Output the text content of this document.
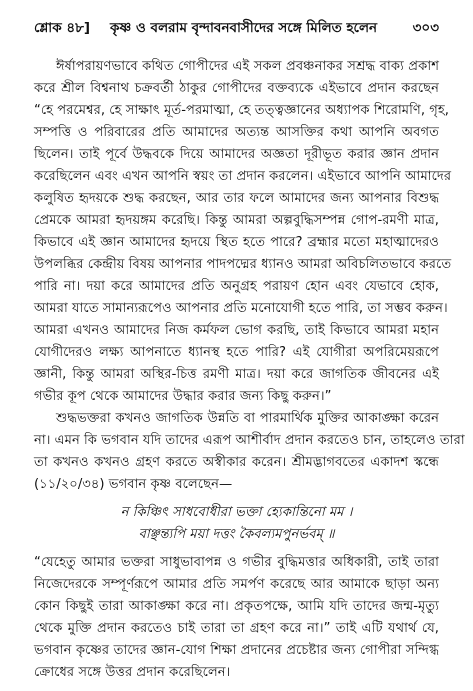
শ্লোক ৪৮] কৃষ্ণ ও বলরাম বৃন্দাবনবাসীদের সঙ্গে মিলিত হলেন	৩০৩
ঈর্ষাপরায়ণভাবে কথিত গোপীদের এই সকল প্রবঞ্চনাকর সশ্রদ্ধ বাক্য প্রকাশ
করে শ্রীল বিশ্বনাথ চক্রবর্তী ঠাকুর গোপীদের বক্তব্যকে এইভাবে প্রদান করছেন
“হে পরমেশ্বর, হে সাক্ষাৎ মূর্ত-পরমাত্মা, হে তত্ত্বজ্ঞানের অধ্যাপক শিরোমণি, গৃহ,
সম্পত্তি ও পরিবারের প্রতি আমাদের অত্যন্ত আসক্তির কথা আপনি অবগত
ছিলেন। তাই পূর্বে উদ্ধবকে দিয়ে আমাদের অজ্ঞতা দূরীভূত করার জ্ঞান প্রদান
করেছিলেন এবং এখন আপনি স্বয়ং তা প্রদান করলেন। এইভাবে আপনি আমাদের
কলুষিত হৃদয়কে শুদ্ধ করছেন, আর তার ফলে আমাদের জন্য আপনার বিশুদ্ধ
প্রেমকে আমরা হৃদয়ঙ্গম করেছি। কিন্তু আমরা অল্পবুদ্ধিসম্পন্ন গোপ-রমণী মাত্র,
কিভাবে এই জ্ঞান আমাদের হৃদয়ে স্থিত হতে পারে? ব্রহ্মার মতো মহাত্মাদেরও
উপলব্ধির কেন্দ্রীয় বিষয় আপনার পাদপদ্মের ধ্যানও আমরা অবিচলিতভাবে করতে
পারি না। দয়া করে আমাদের প্রতি অনুগ্রহ পরায়ণ হোন এবং যেভাবে হোক,
আমরা যাতে সামান্যরূপেও আপনার প্রতি মনোযোগী হতে পারি, তা সম্ভব করুন।
আমরা এখনও আমাদের নিজ কর্মফল ভোগ করছি, তাই কিভাবে আমরা মহান
যোগীদেরও লক্ষ্য আপনাতে ধ্যানস্থ হতে পারি? এই যোগীরা অপরিমেয়রূপে
জ্ঞানী, কিন্তু আমরা অস্থির-চিত্ত রমণী মাত্র। দয়া করে জাগতিক জীবনের এই
গভীর কূপ থেকে আমাদের উদ্ধার করার জন্য কিছু করুন।”
শুদ্ধভক্তরা কখনও জাগতিক উন্নতি বা পারমার্থিক মুক্তির আকাঙ্ক্ষা করেন
না। এমন কি ভগবান যদি তাদের এরূপ আশীর্বাদ প্রদান করতেও চান, তাহলেও তারা
তা কখনও কখনও গ্রহণ করতে অস্বীকার করেন। শ্রীমদ্ভাগবতের একাদশ স্কন্ধে
(১১/২০/৩৪) ভগবান কৃষ্ণ বলেছেন—
ন কিঞ্চিৎ সাধবোধীরা ভক্তা হ্যেকান্তিনো মম ।
বাঞ্ছন্ত্যপি ময়া দত্তং কৈবল্যমপুনর্ভবম্ ॥
“যেহেতু আমার ভক্তরা সাধুভাবাপন্ন ও গভীর বুদ্ধিমত্তার অধিকারী, তাই তারা
নিজেদেরকে সম্পূর্ণরূপে আমার প্রতি সমর্পণ করেছে আর আমাকে ছাড়া অন্য
কোন কিছুই তারা আকাঙ্ক্ষা করে না। প্রকৃতপক্ষে, আমি যদি তাদের জন্ম-মৃত্যু
থেকে মুক্তি প্রদান করতেও চাই তারা তা গ্রহণ করে না।” তাই এটি যথার্থ যে,
ভগবান কৃষ্ণের তাদের জ্ঞান-যোগ শিক্ষা প্রদানের প্রচেষ্টার জন্য গোপীরা সন্দিগ্ধ
ক্রোধের সঙ্গে উত্তর প্রদান করেছিলেন।
